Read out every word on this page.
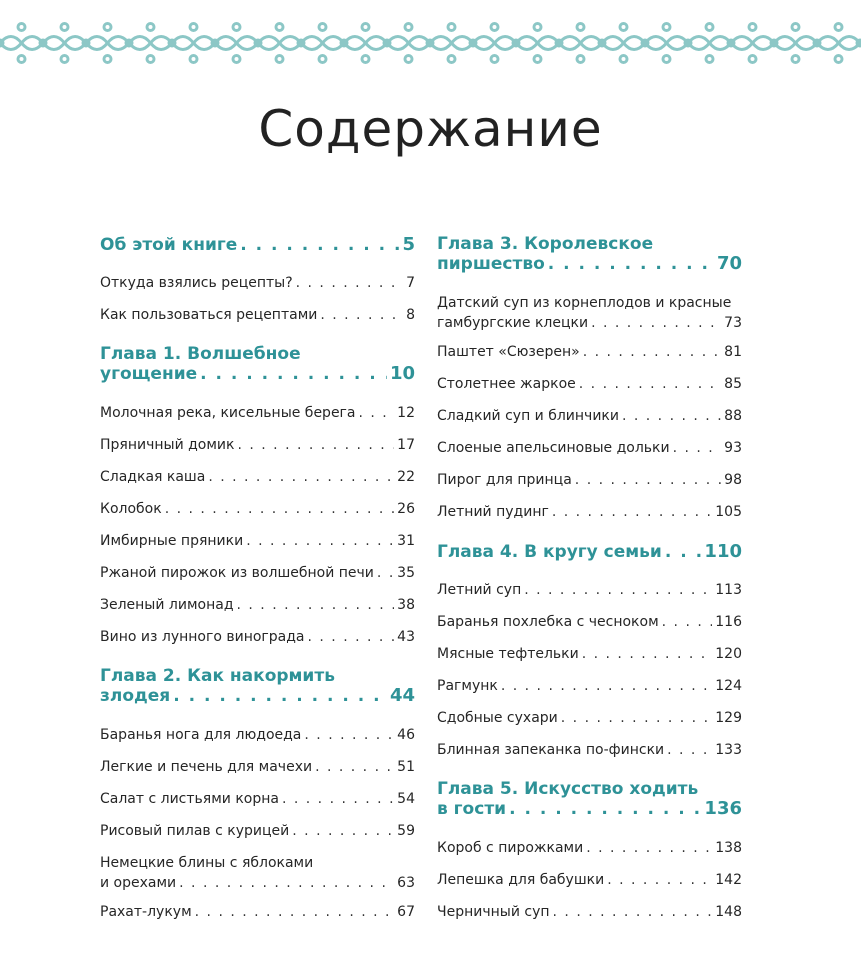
Содержание
Об этой книге . . .	5
Откуда взялись рецепты? . . .	7
Как пользоваться рецептами . . .	8
Глава 1. Волшебное
угощение . . .	10
Молочная река, кисельные берега . . .	12
Пряничный домик . . .	17
Сладкая каша . . .	22
Колобок . . .	26
Имбирные пряники . . .	31
Ржаной пирожок из волшебной печи . . . 35
Зеленый лимонад . . .	38
Вино из лунного винограда . . .	43
Глава 2. Как накормить
злодея . . .	44
Баранья нога для людоеда . . .	46
Легкие и печень для мачехи . . .	51
Салат с листьями корна . . .	54
Рисовый пилав с курицей . . .	59
Немецкие блины с яблоками
и орехами . . .	63
Рахат-лукум . . .	67
Глава 3. Королевское
пиршество . . .	70
Датский суп из корнеплодов и красные
гамбургские клецки . . .	73
Паштет «Сюзерен» . . .	81
Столетнее жаркое . . .	85
Сладкий суп и блинчики . . .	88
Слоеные апельсиновые дольки . . .	93
Пирог для принца . . .	98
Летний пудинг . . .	105
Глава 4. В кругу семьи . . . 110
Летний суп . . .	113
Баранья похлебка с чесноком . . .	116
Мясные тефтельки . . .	120
Рагмунк . . .	124
Сдобные сухари . . .	129
Блинная запеканка по-фински . . .	133
Глава 5. Искусство ходить
в гости . . .	136
Короб с пирожками . . .	138
Лепешка для бабушки . . .	142
Черничный суп . . .	148
